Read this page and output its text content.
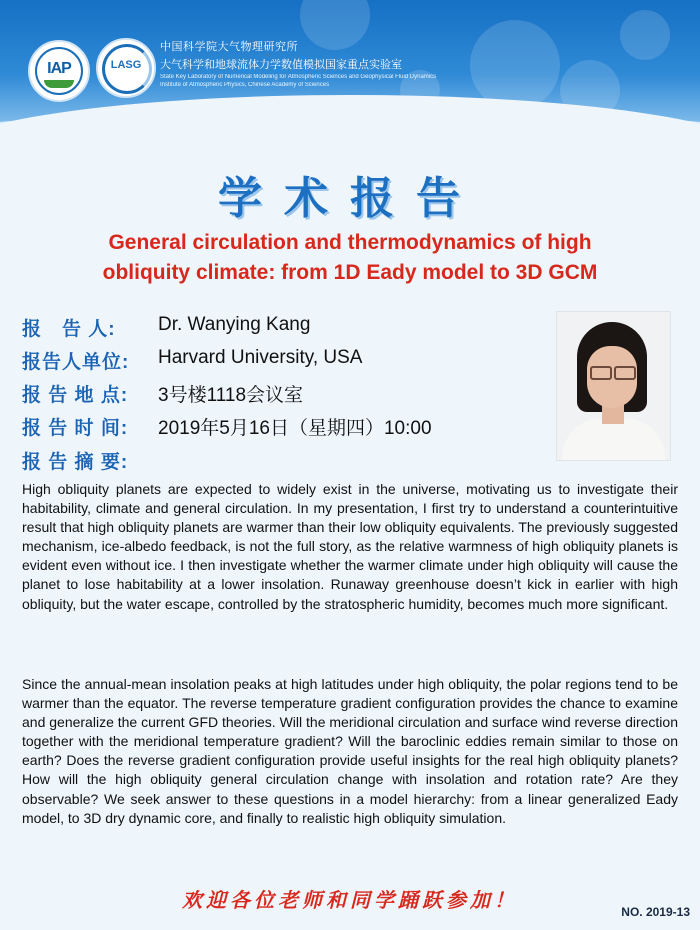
IAP	LASG
中国科学院大气物理研究所
大气科学和地球流体力学数值模拟国家重点实验室
State Key Laboratory of Numerical Modeling for Atmospheric Sciences and Geophysical Fluid Dynamics
Institute of Atmospheric Physics, Chinese Academy of Sciences
学术报告
General circulation and thermodynamics of high
obliquity climate: from 1D Eady model to 3D GCM
报　告 人:	Dr. Wanying Kang
报告人单位:	Harvard University, USA
报 告 地 点:	3号楼1118会议室
报 告 时 间:	2019年5月16日（星期四）10:00
报 告 摘 要:

High obliquity planets are expected to widely exist in the universe, motivating us to investigate their habitability, climate and general circulation. In my presentation, I first try to understand a counterintuitive result that high obliquity planets are warmer than their low obliquity equivalents. The previously suggested mechanism, ice-albedo feedback, is not the full story, as the relative warmness of high obliquity planets is evident even without ice. I then investigate whether the warmer climate under high obliquity will cause the planet to lose habitability at a lower insolation. Runaway greenhouse doesn’t kick in earlier with high obliquity, but the water escape, controlled by the stratospheric humidity, becomes much more significant.

Since the annual-mean insolation peaks at high latitudes under high obliquity, the polar regions tend to be warmer than the equator. The reverse temperature gradient configuration provides the chance to examine and generalize the current GFD theories. Will the meridional circulation and surface wind reverse direction together with the meridional temperature gradient? Will the baroclinic eddies remain similar to those on earth? Does the reverse gradient configuration provide useful insights for the real high obliquity planets? How will the high obliquity general circulation change with insolation and rotation rate? Are they observable? We seek answer to these questions in a model hierarchy: from a linear generalized Eady model, to 3D dry dynamic core, and finally to realistic high obliquity simulation.

欢迎各位老师和同学踊跃参加！	NO. 2019-13
